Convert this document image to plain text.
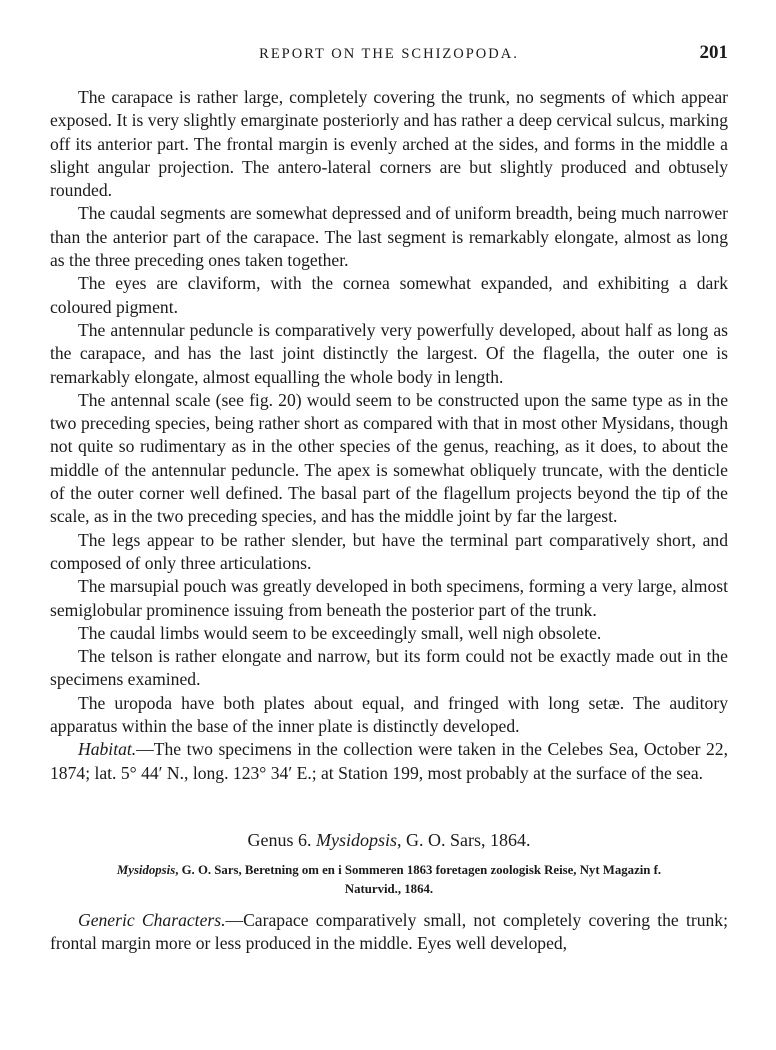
REPORT ON THE SCHIZOPODA.	201

The carapace is rather large, completely covering the trunk, no segments of which appear exposed. It is very slightly emarginate posteriorly and has rather a deep cervical sulcus, marking off its anterior part. The frontal margin is evenly arched at the sides, and forms in the middle a slight angular projection. The antero-lateral corners are but slightly produced and obtusely rounded.

The caudal segments are somewhat depressed and of uniform breadth, being much narrower than the anterior part of the carapace. The last segment is remarkably elongate, almost as long as the three preceding ones taken together.

The eyes are claviform, with the cornea somewhat expanded, and exhibiting a dark coloured pigment.

The antennular peduncle is comparatively very powerfully developed, about half as long as the carapace, and has the last joint distinctly the largest. Of the flagella, the outer one is remarkably elongate, almost equalling the whole body in length.

The antennal scale (see fig. 20) would seem to be constructed upon the same type as in the two preceding species, being rather short as compared with that in most other Mysidans, though not quite so rudimentary as in the other species of the genus, reaching, as it does, to about the middle of the antennular peduncle. The apex is somewhat obliquely truncate, with the denticle of the outer corner well defined. The basal part of the flagellum projects beyond the tip of the scale, as in the two preceding species, and has the middle joint by far the largest.

The legs appear to be rather slender, but have the terminal part comparatively short, and composed of only three articulations.

The marsupial pouch was greatly developed in both specimens, forming a very large, almost semiglobular prominence issuing from beneath the posterior part of the trunk.

The caudal limbs would seem to be exceedingly small, well nigh obsolete.

The telson is rather elongate and narrow, but its form could not be exactly made out in the specimens examined.

The uropoda have both plates about equal, and fringed with long setæ. The auditory apparatus within the base of the inner plate is distinctly developed.

Habitat.—The two specimens in the collection were taken in the Celebes Sea, October 22, 1874; lat. 5° 44′ N., long. 123° 34′ E.; at Station 199, most probably at the surface of the sea.

Genus 6. Mysidopsis, G. O. Sars, 1864.
Mysidopsis, G. O. Sars, Beretning om en i Sommeren 1863 foretagen zoologisk Reise, Nyt Magazin f. Naturvid., 1864.

Generic Characters.—Carapace comparatively small, not completely covering the trunk; frontal margin more or less produced in the middle. Eyes well developed,
